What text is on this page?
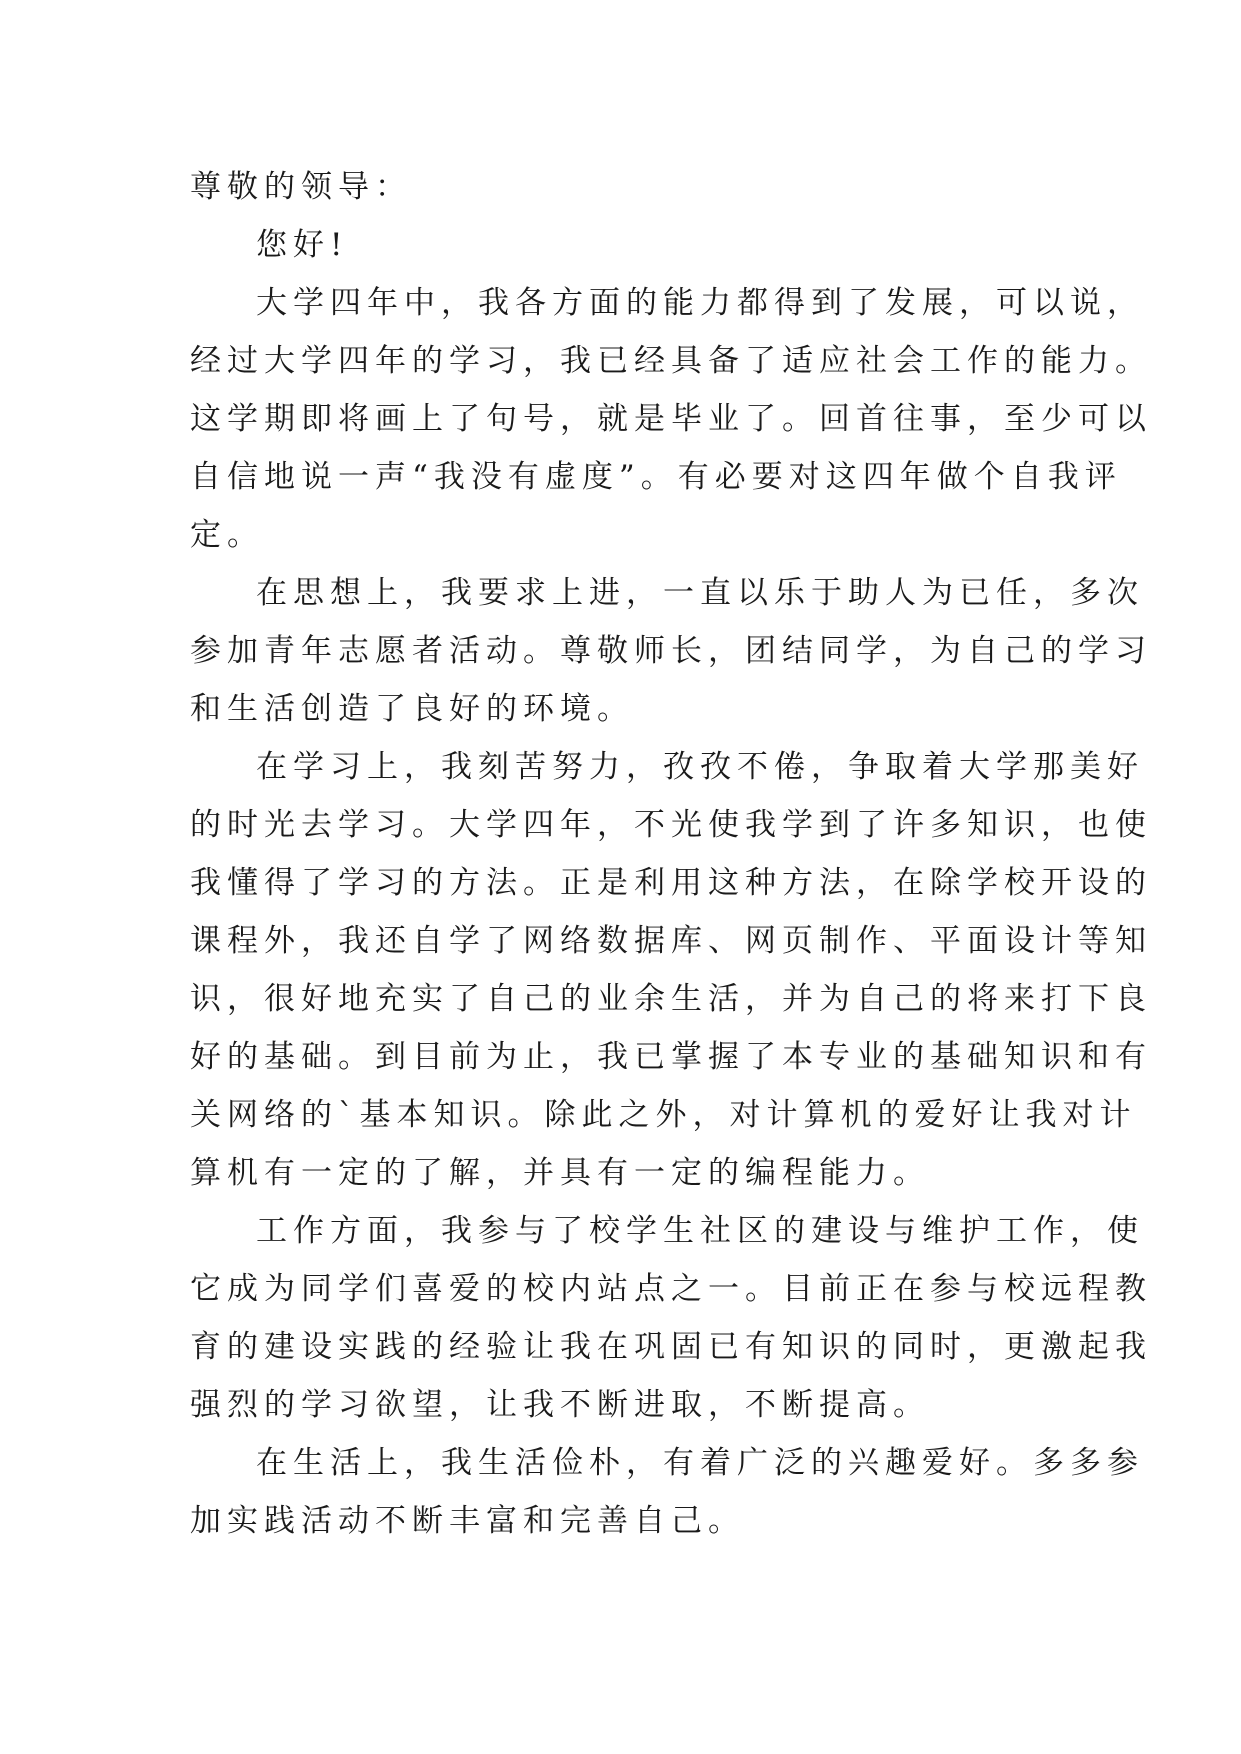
尊敬的领导：
您好!
大学四年中，我各方面的能力都得到了发展，可以说，
经过大学四年的学习，我已经具备了适应社会工作的能力。
这学期即将画上了句号，就是毕业了。回首往事，至少可以
自信地说一声“我没有虚度”。有必要对这四年做个自我评
定。
在思想上，我要求上进，一直以乐于助人为已任，多次
参加青年志愿者活动。尊敬师长，团结同学，为自己的学习
和生活创造了良好的环境。
在学习上，我刻苦努力，孜孜不倦，争取着大学那美好
的时光去学习。大学四年，不光使我学到了许多知识，也使
我懂得了学习的方法。正是利用这种方法，在除学校开设的
课程外，我还自学了网络数据库、网页制作、平面设计等知
识，很好地充实了自己的业余生活，并为自己的将来打下良
好的基础。到目前为止，我已掌握了本专业的基础知识和有
关网络的`基本知识。除此之外，对计算机的爱好让我对计
算机有一定的了解，并具有一定的编程能力。
工作方面，我参与了校学生社区的建设与维护工作，使
它成为同学们喜爱的校内站点之一。目前正在参与校远程教
育的建设实践的经验让我在巩固已有知识的同时，更激起我
强烈的学习欲望，让我不断进取，不断提高。
在生活上，我生活俭朴，有着广泛的兴趣爱好。多多参
加实践活动不断丰富和完善自己。
